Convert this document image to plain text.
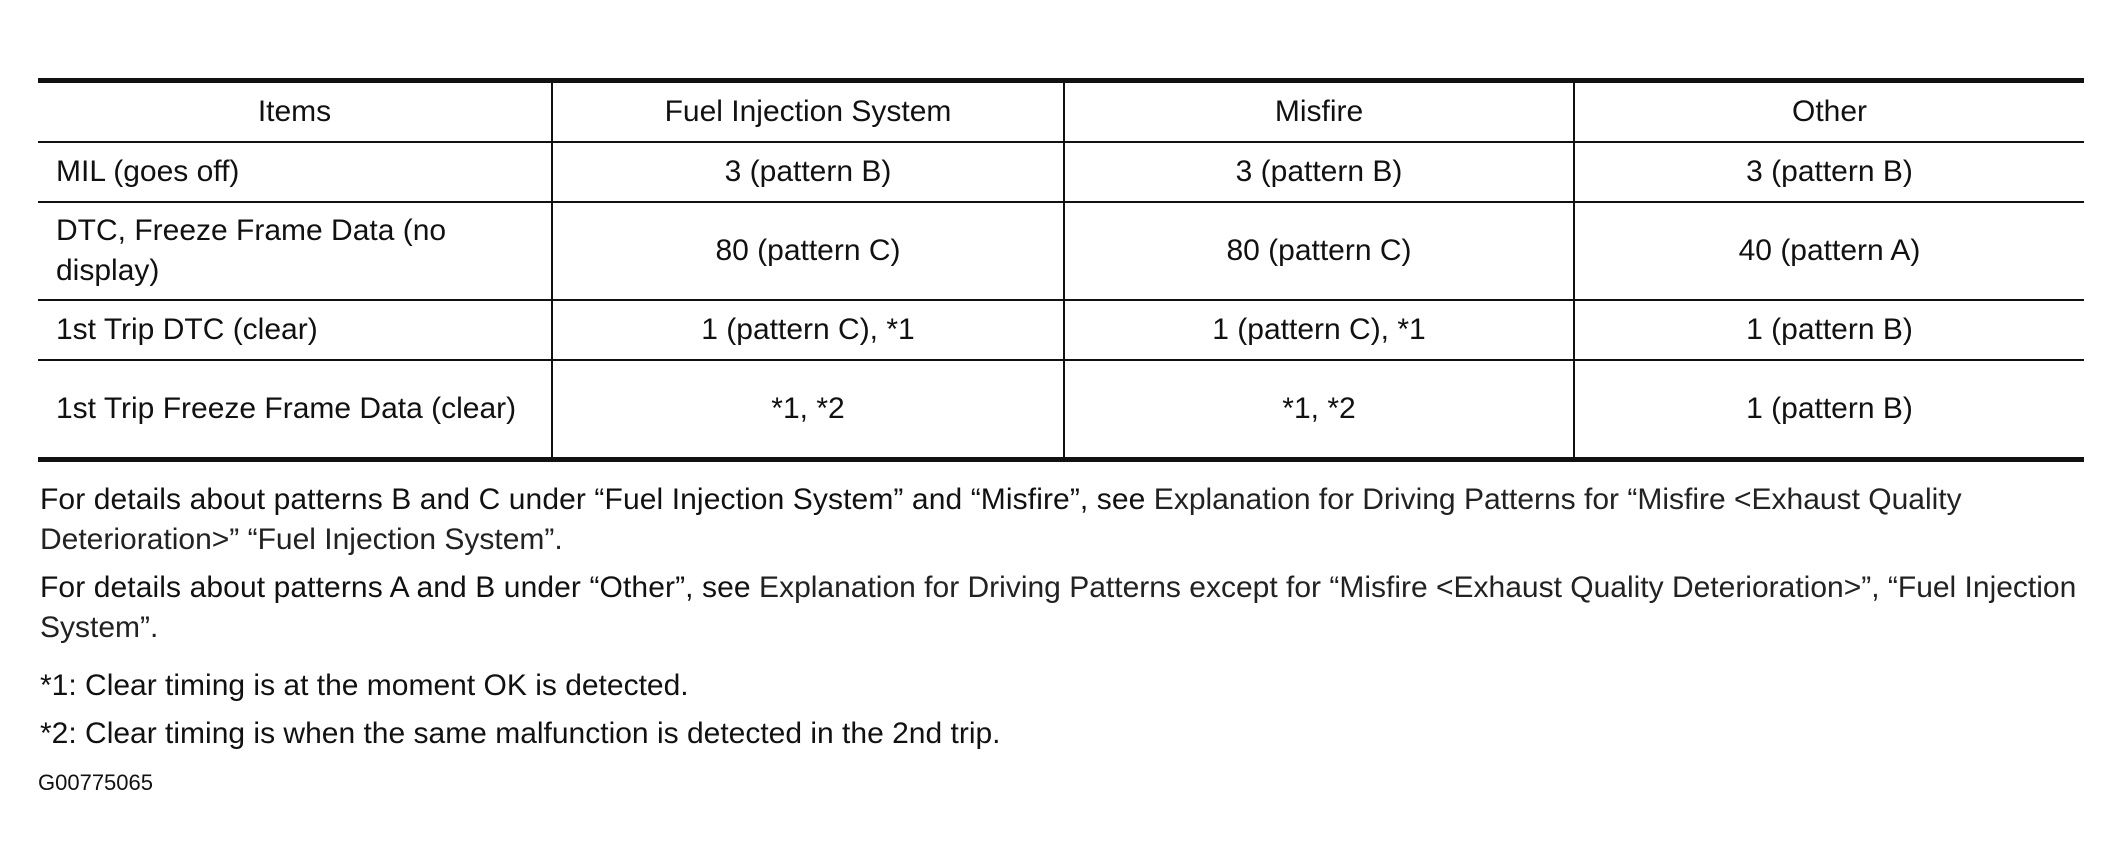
Items	Fuel Injection System	Misfire	Other
MIL (goes off)	3 (pattern B)	3 (pattern B)	3 (pattern B)
DTC, Freeze Frame Data (no display)	80 (pattern C)	80 (pattern C)	40 (pattern A)
1st Trip DTC (clear)	1 (pattern C), *1	1 (pattern C), *1	1 (pattern B)
1st Trip Freeze Frame Data (clear)	*1, *2	*1, *2	1 (pattern B)

For details about patterns B and C under “Fuel Injection System” and “Misfire”, see Explanation for Driving Patterns for “Misfire <Exhaust Quality Deterioration>” “Fuel Injection System”.

For details about patterns A and B under “Other”, see Explanation for Driving Patterns except for “Misfire <Exhaust Quality Deterioration>”, “Fuel Injection System”.

*1: Clear timing is at the moment OK is detected.

*2: Clear timing is when the same malfunction is detected in the 2nd trip.

G00775065
